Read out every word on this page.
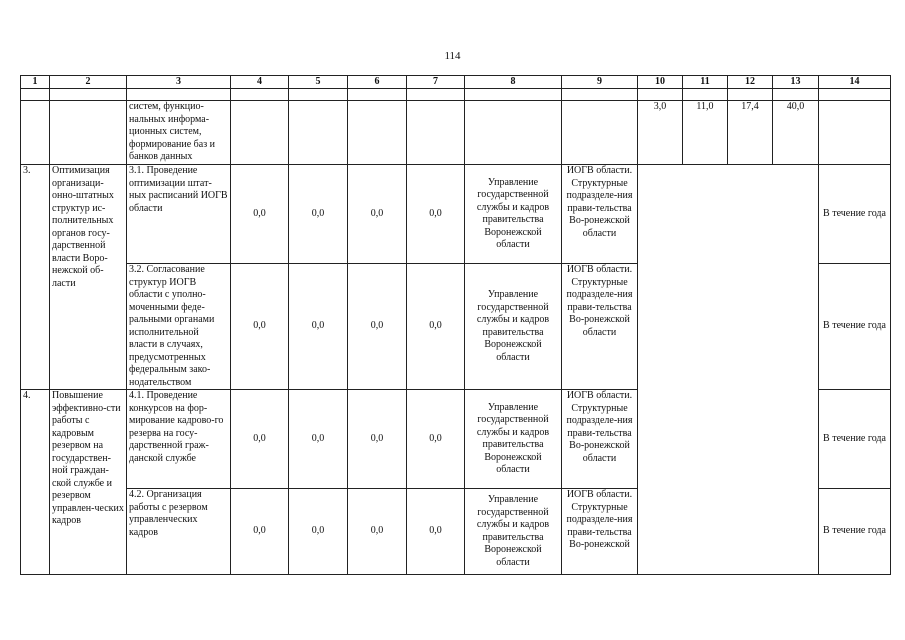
114
1	2	3	4	5	6	7	8	9	10	11	12	13	14

		систем, функцио-нальных информа-ционных систем, формирование баз и банков данных							3,0	11,0	17,4	40,0	
3.	Оптимизация организаци-онно-штатных структур ис-полнительных органов госу-дарственной власти Воро-нежской об-ласти	3.1. Проведение оптимизации штат-ных расписаний ИОГВ области	0,0	0,0	0,0	0,0	Управление государственной службы и кадров правительства Воронежской области	ИОГВ области. Структурные подразделе-ния прави-тельства Во-ронежской области					В течение года
		3.2. Согласование структур ИОГВ области с уполно-моченными феде-ральными органами исполнительной власти в случаях, предусмотренных федеральным зако-нодательством	0,0	0,0	0,0	0,0	Управление государственной службы и кадров правительства Воронежской области	ИОГВ области. Структурные подразделе-ния прави-тельства Во-ронежской области					В течение года
4.	Повышение эффективно-сти работы с кадровым резервом на государствен-ной граждан-ской службе и резервом управлен-ческих кадров	4.1. Проведение конкурсов на фор-мирование кадрово-го резерва на госу-дарственной граж-данской службе	0,0	0,0	0,0	0,0	Управление государственной службы и кадров правительства Воронежской области	ИОГВ области. Структурные подразделе-ния прави-тельства Во-ронежской области					В течение года
		4.2. Организация работы с резервом управленческих кадров	0,0	0,0	0,0	0,0	Управление государственной службы и кадров правительства Воронежской области	ИОГВ области. Структурные подразделе-ния прави-тельства Во-ронежской					В течение года
